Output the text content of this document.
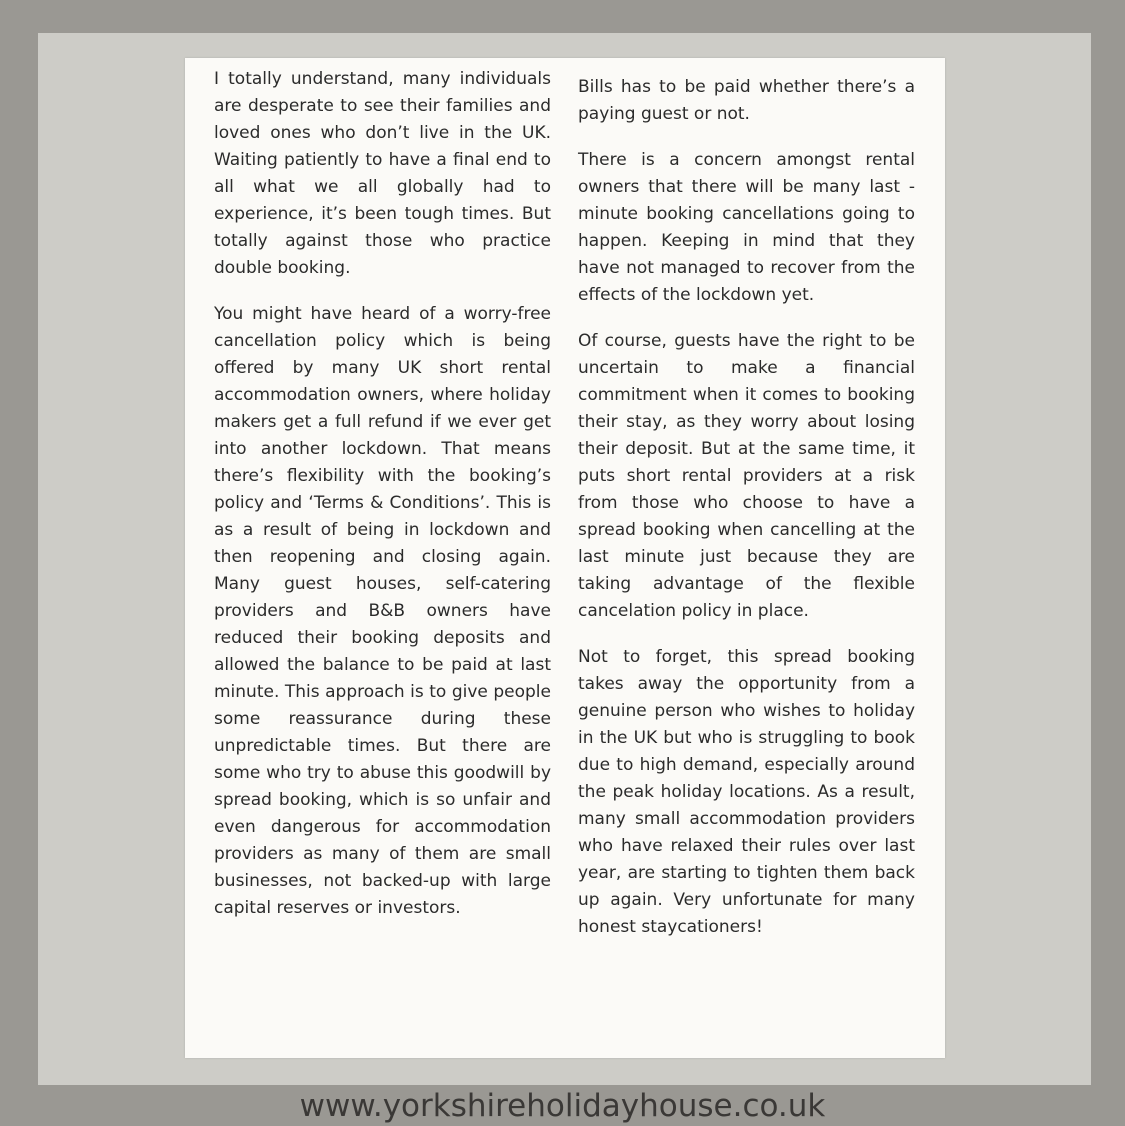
I totally understand, many individuals are desperate to see their families and loved ones who don’t live in the UK. Waiting patiently to have a final end to all what we all globally had to experience, it’s been tough times. But totally against those who practice double booking.

You might have heard of a worry-free cancellation policy which is being offered by many UK short rental accommodation owners, where holiday makers get a full refund if we ever get into another lockdown. That means there’s flexibility with the booking’s policy and ‘Terms & Conditions’. This is as a result of being in lockdown and then reopening and closing again. Many guest houses, self-catering providers and B&B owners have reduced their booking deposits and allowed the balance to be paid at last minute. This approach is to give people some reassurance during these unpredictable times. But there are some who try to abuse this goodwill by spread booking, which is so unfair and even dangerous for accommodation providers as many of them are small businesses, not backed-up with large capital reserves or investors.

Bills has to be paid whether there’s a paying guest or not.

There is a concern amongst rental owners that there will be many last -minute booking cancellations going to happen. Keeping in mind that they have not managed to recover from the effects of the lockdown yet.

Of course, guests have the right to be uncertain to make a financial commitment when it comes to booking their stay, as they worry about losing their deposit. But at the same time, it puts short rental providers at a risk from those who choose to have a spread booking when cancelling at the last minute just because they are taking advantage of the flexible cancelation policy in place.

Not to forget, this spread booking takes away the opportunity from a genuine person who wishes to holiday in the UK but who is struggling to book due to high demand, especially around the peak holiday locations. As a result, many small accommodation providers who have relaxed their rules over last year, are starting to tighten them back up again. Very unfortunate for many honest staycationers!

www.yorkshireholidayhouse.co.uk
